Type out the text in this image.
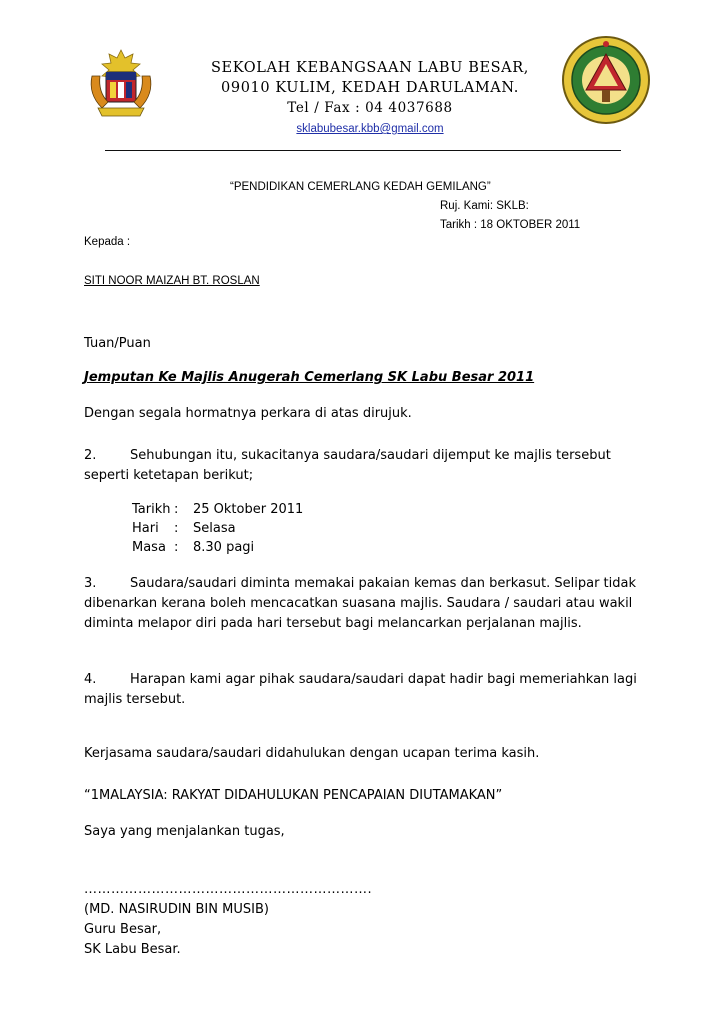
SEKOLAH KEBANGSAAN LABU BESAR,
09010 KULIM, KEDAH DARULAMAN.
Tel / Fax : 04 4037688
sklabubesar.kbb@gmail.com
“PENDIDIKAN CEMERLANG KEDAH GEMILANG”
Ruj. Kami: SKLB:
Tarikh : 18 OKTOBER 2011
Kepada :
SITI NOOR MAIZAH BT. ROSLAN
Tuan/Puan
Jemputan Ke Majlis Anugerah Cemerlang SK Labu Besar 2011
Dengan segala hormatnya perkara di atas dirujuk.
2.	Sehubungan itu, sukacitanya saudara/saudari dijemput ke majlis tersebut seperti ketetapan berikut;
Tarikh :	25 Oktober 2011
Hari	:	Selasa
Masa :	8.30 pagi
3.	Saudara/saudari diminta memakai pakaian kemas dan berkasut. Selipar tidak dibenarkan kerana boleh mencacatkan suasana majlis. Saudara / saudari atau wakil diminta melapor diri pada hari tersebut bagi melancarkan perjalanan majlis.
4.	Harapan kami agar pihak saudara/saudari dapat hadir bagi memeriahkan lagi majlis tersebut.
Kerjasama saudara/saudari didahulukan dengan ucapan terima kasih.
“1MALAYSIA: RAKYAT DIDAHULUKAN PENCAPAIAN DIUTAMAKAN”
Saya yang menjalankan tugas,
……………………………………………………….
(MD. NASIRUDIN BIN MUSIB)
Guru Besar,
SK Labu Besar.
